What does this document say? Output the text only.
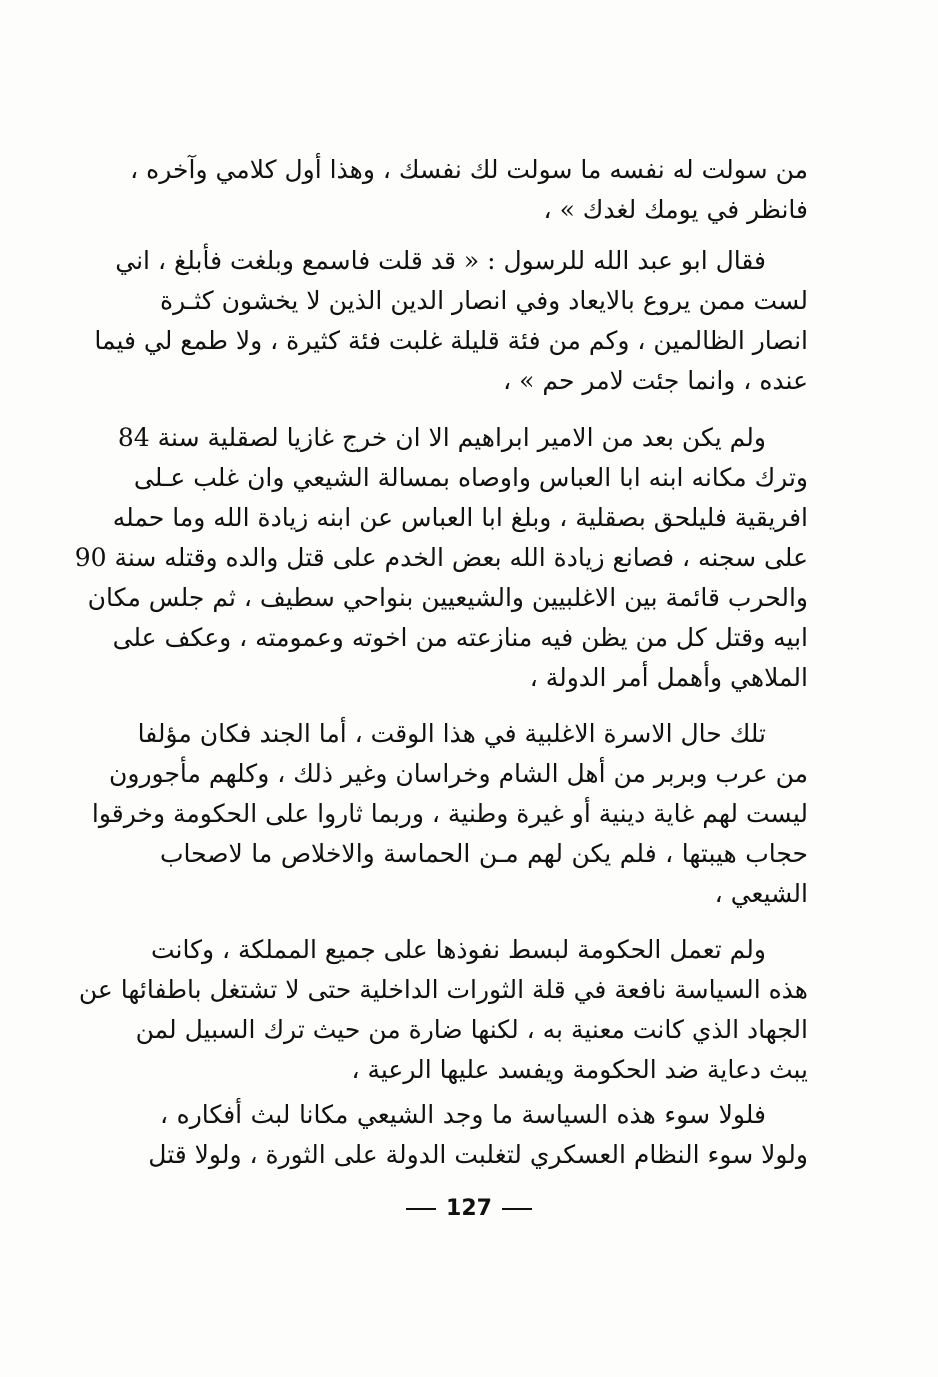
من سولت له نفسه ما سولت لك نفسك ، وهذا أول كلامي وآخره ،
فانظر في يومك لغدك » ،
فقال ابو عبد الله للرسول : « قد قلت فاسمع وبلغت فأبلغ ، اني
لست ممن يروع بالايعاد وفي انصار الدين الذين لا يخشون كثـرة
انصار الظالمين ، وكم من فئة قليلة غلبت فئة كثيرة ، ولا طمع لي فيما
عنده ، وانما جئت لامر حم » ،
ولم يكن بعد من الامير ابراهيم الا ان خرج غازيا لصقلية سنة 84
وترك مكانه ابنه ابا العباس واوصاه بمسالة الشيعي وان غلب عـلى
افريقية فليلحق بصقلية ، وبلغ ابا العباس عن ابنه زيادة الله وما حمله
على سجنه ، فصانع زيادة الله بعض الخدم على قتل والده وقتله سنة 90
والحرب قائمة بين الاغلبيين والشيعيين بنواحي سطيف ، ثم جلس مكان
ابيه وقتل كل من يظن فيه منازعته من اخوته وعمومته ، وعكف على
الملاهي وأهمل أمر الدولة ،
تلك حال الاسرة الاغلبية في هذا الوقت ، أما الجند فكان مؤلفا
من عرب وبربر من أهل الشام وخراسان وغير ذلك ، وكلهم مأجورون
ليست لهم غاية دينية أو غيرة وطنية ، وربما ثاروا على الحكومة وخرقوا
حجاب هيبتها ، فلم يكن لهم مـن الحماسة والاخلاص ما لاصحاب
الشيعي ،
ولم تعمل الحكومة لبسط نفوذها على جميع المملكة ، وكانت
هذه السياسة نافعة في قلة الثورات الداخلية حتى لا تشتغل باطفائها عن
الجهاد الذي كانت معنية به ، لكنها ضارة من حيث ترك السبيل لمن
يبث دعاية ضد الحكومة ويفسد عليها الرعية ،
فلولا سوء هذه السياسة ما وجد الشيعي مكانا لبث أفكاره ،
ولولا سوء النظام العسكري لتغلبت الدولة على الثورة ، ولولا قتل
127
